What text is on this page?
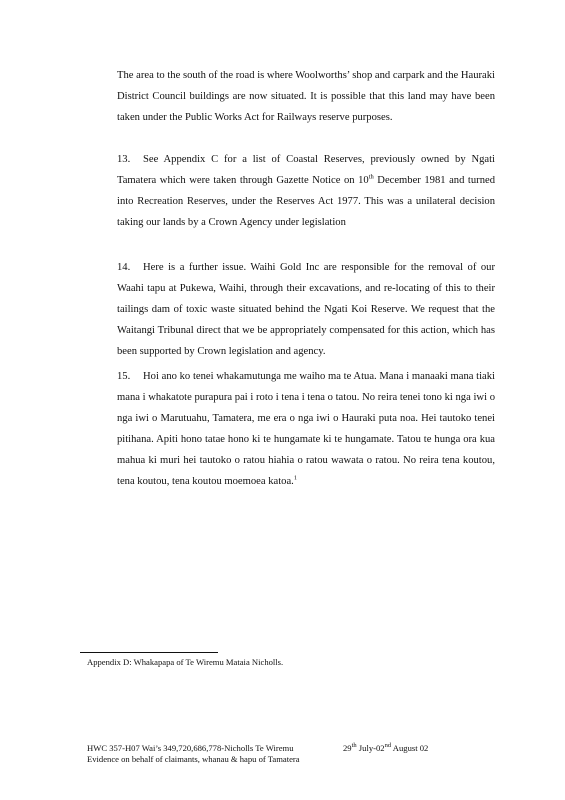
The area to the south of the road is where Woolworths’ shop and carpark and the Hauraki District Council buildings are now situated. It is possible that this land may have been taken under the Public Works Act for Railways reserve purposes.

13. See Appendix C for a list of Coastal Reserves, previously owned by Ngati Tamatera which were taken through Gazette Notice on 10th December 1981 and turned into Recreation Reserves, under the Reserves Act 1977. This was a unilateral decision taking our lands by a Crown Agency under legislation

14. Here is a further issue. Waihi Gold Inc are responsible for the removal of our Waahi tapu at Pukewa, Waihi, through their excavations, and re-locating of this to their tailings dam of toxic waste situated behind the Ngati Koi Reserve. We request that the Waitangi Tribunal direct that we be appropriately compensated for this action, which has been supported by Crown legislation and agency.

15. Hoi ano ko tenei whakamutunga me waiho ma te Atua. Mana i manaaki mana tiaki mana i whakatote purapura pai i roto i tena i tena o tatou. No reira tenei tono ki nga iwi o nga iwi o Marutuahu, Tamatera, me era o nga iwi o Hauraki puta noa. Hei tautoko tenei pitihana. Apiti hono tatae hono ki te hungamate ki te hungamate. Tatou te hunga ora kua mahua ki muri hei tautoko o ratou hiahia o ratou wawata o ratou. No reira tena koutou, tena koutou, tena koutou moemoea katoa.$^1$

Appendix D: Whakapapa of Te Wiremu Mataia Nicholls.

HWC 357-H07 Wai’s 349,720,686,778-Nicholls Te Wiremu	29th July-02nd August 02
Evidence on behalf of claimants, whanau & hapu of Tamatera
